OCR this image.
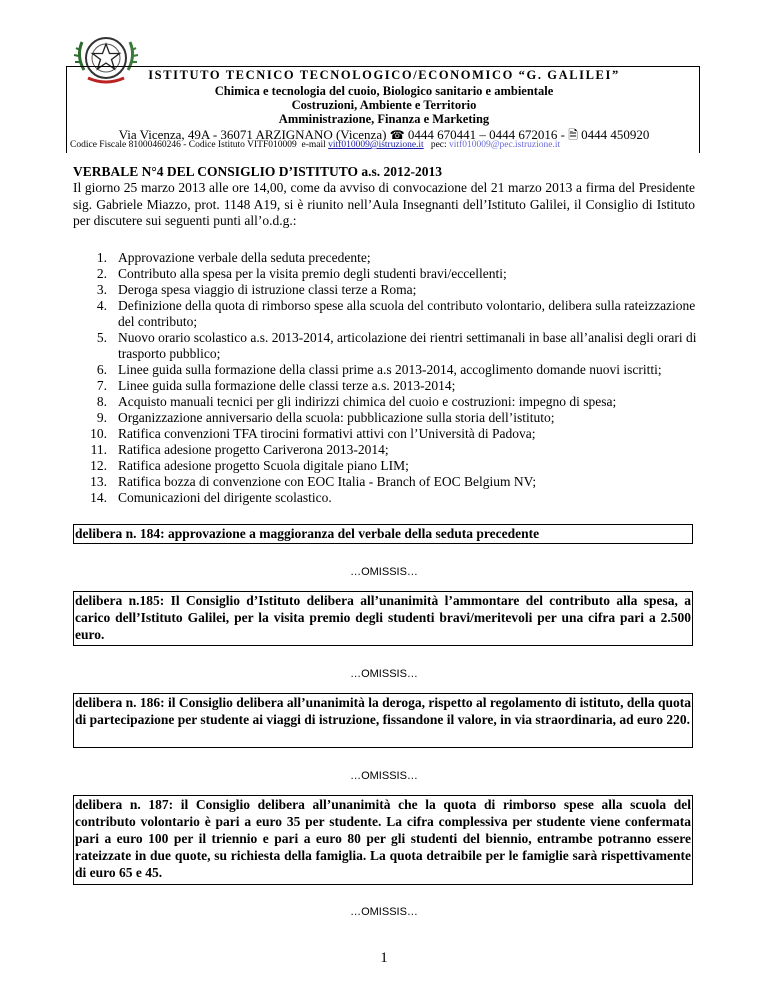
ISTITUTO TECNICO TECNOLOGICO/ECONOMICO “G. GALILEI”
Chimica e tecnologia del cuoio, Biologico sanitario e ambientale
Costruzioni, Ambiente e Territorio
Amministrazione, Finanza e Marketing
Via Vicenza, 49A - 36071 ARZIGNANO (Vicenza) ☎ 0444 670441 – 0444 672016 - 🗎 0444 450920
Codice Fiscale 81000460246 - Codice Istituto VITF010009 e-mail vitf010009@istruzione.it pec: vitf010009@pec.istruzione.it
VERBALE N°4 DEL CONSIGLIO D’ISTITUTO a.s. 2012-2013
Il giorno 25 marzo 2013 alle ore 14,00, come da avviso di convocazione del 21 marzo 2013 a firma del Presidente sig. Gabriele Miazzo, prot. 1148 A19, si è riunito nell’Aula Insegnanti dell’Istituto Galilei, il Consiglio di Istituto per discutere sui seguenti punti all’o.d.g.:
1. Approvazione verbale della seduta precedente;
2. Contributo alla spesa per la visita premio degli studenti bravi/eccellenti;
3. Deroga spesa viaggio di istruzione classi terze a Roma;
4. Definizione della quota di rimborso spese alla scuola del contributo volontario, delibera sulla rateizzazione del contributo;
5. Nuovo orario scolastico a.s. 2013-2014, articolazione dei rientri settimanali in base all’analisi degli orari di trasporto pubblico;
6. Linee guida sulla formazione della classi prime a.s 2013-2014, accoglimento domande nuovi iscritti;
7. Linee guida sulla formazione delle classi terze a.s. 2013-2014;
8. Acquisto manuali tecnici per gli indirizzi chimica del cuoio e costruzioni: impegno di spesa;
9. Organizzazione anniversario della scuola: pubblicazione sulla storia dell’istituto;
10. Ratifica convenzioni TFA tirocini formativi attivi con l’Università di Padova;
11. Ratifica adesione progetto Cariverona 2013-2014;
12. Ratifica adesione progetto Scuola digitale piano LIM;
13. Ratifica bozza di convenzione con EOC Italia - Branch of EOC Belgium NV;
14. Comunicazioni del dirigente scolastico.
delibera n. 184: approvazione a maggioranza del verbale della seduta precedente
…OMISSIS…
delibera n.185: Il Consiglio d’Istituto delibera all’unanimità l’ammontare del contributo alla spesa, a carico dell’Istituto Galilei, per la visita premio degli studenti bravi/meritevoli per una cifra pari a 2.500 euro.
…OMISSIS…
delibera n. 186: il Consiglio delibera all’unanimità la deroga, rispetto al regolamento di istituto, della quota di partecipazione per studente ai viaggi di istruzione, fissandone il valore, in via straordinaria, ad euro 220.
…OMISSIS…
delibera n. 187: il Consiglio delibera all’unanimità che la quota di rimborso spese alla scuola del contributo volontario è pari a euro 35 per studente. La cifra complessiva per studente viene confermata pari a euro 100 per il triennio e pari a euro 80 per gli studenti del biennio, entrambe potranno essere rateizzate in due quote, su richiesta della famiglia. La quota detraibile per le famiglie sarà rispettivamente di euro 65 e 45.
…OMISSIS…
1
